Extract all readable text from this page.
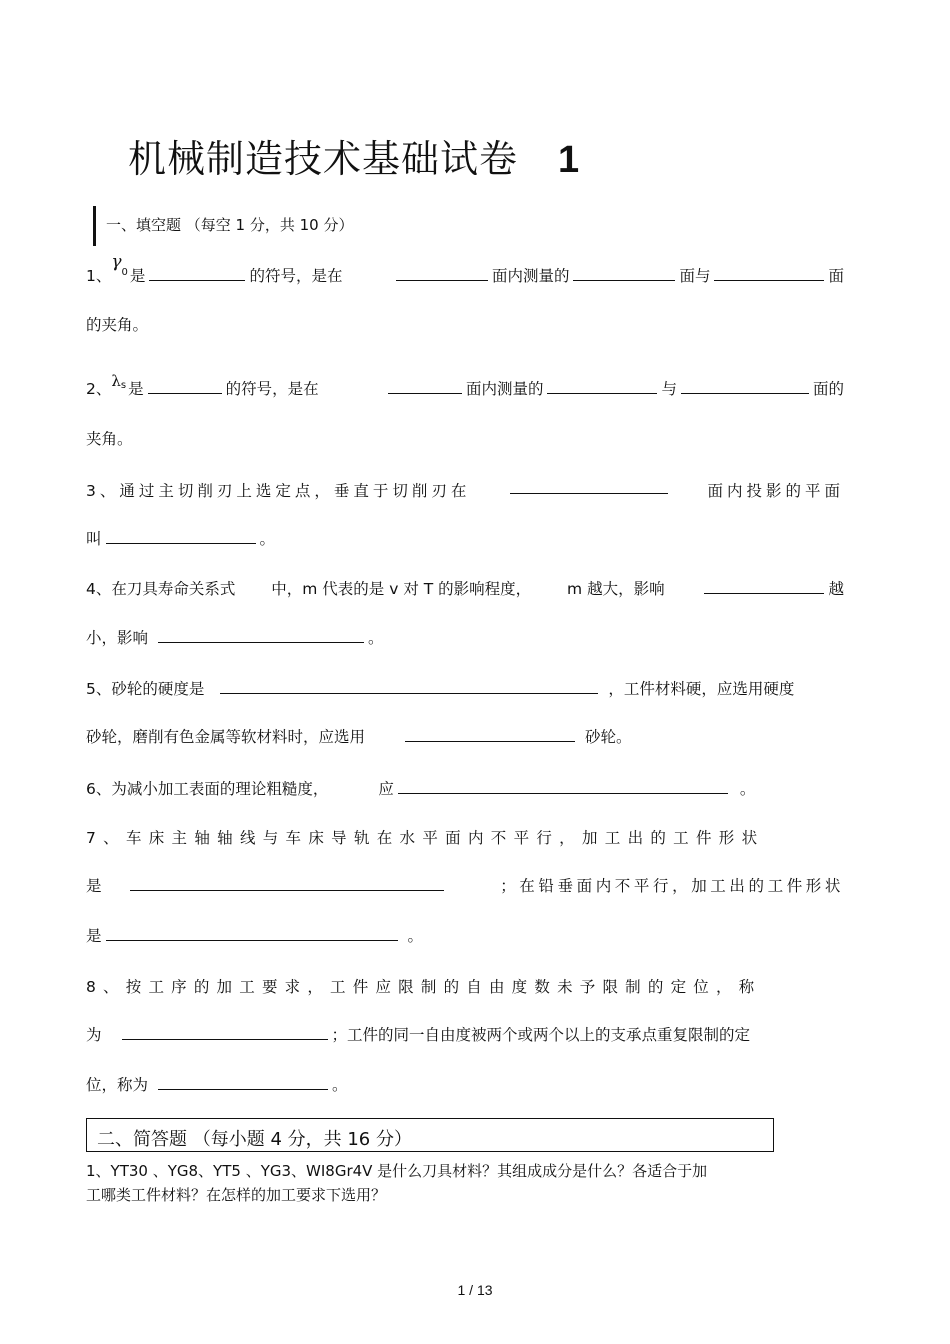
机械制造技术基础试卷 1
一、填空题 （每空 1 分，共 10 分）
1、$\gamma^0$ 是	的符号，是在	面内测量的	面与	面
的夹角。
2、$\lambda^s$ 是	的符号，是在	面内测量的	与	面的
夹角。
3、通过主切削刃上选定点，垂直于切削刃在	面内投影的平面
叫	。
4、在刀具寿命关系式 中，m 代表的是 v 对 T 的影响程度， m 越大，影响	越
小，影响	。
5、砂轮的硬度是	，工件材料硬，应选用硬度
砂轮，磨削有色金属等软材料时，应选用	砂轮。
6、为减小加工表面的理论粗糙度，	应	。
7、车床主轴轴线与车床导轨在水平面内不平行，加工出的工件形状
是	；在铅垂面内不平行，加工出的工件形状
是	。
8、按工序的加工要求，工件应限制的自由度数未予限制的定位，称
为	；工件的同一自由度被两个或两个以上的支承点重复限制的定
位，称为	。
二、简答题 （每小题 4 分，共 16 分）
1、YT30 、YG8、YT5 、YG3、WI8Gr4V 是什么刀具材料？其组成成分是什么？各适合于加
工哪类工件材料？在怎样的加工要求下选用？
1 / 13
